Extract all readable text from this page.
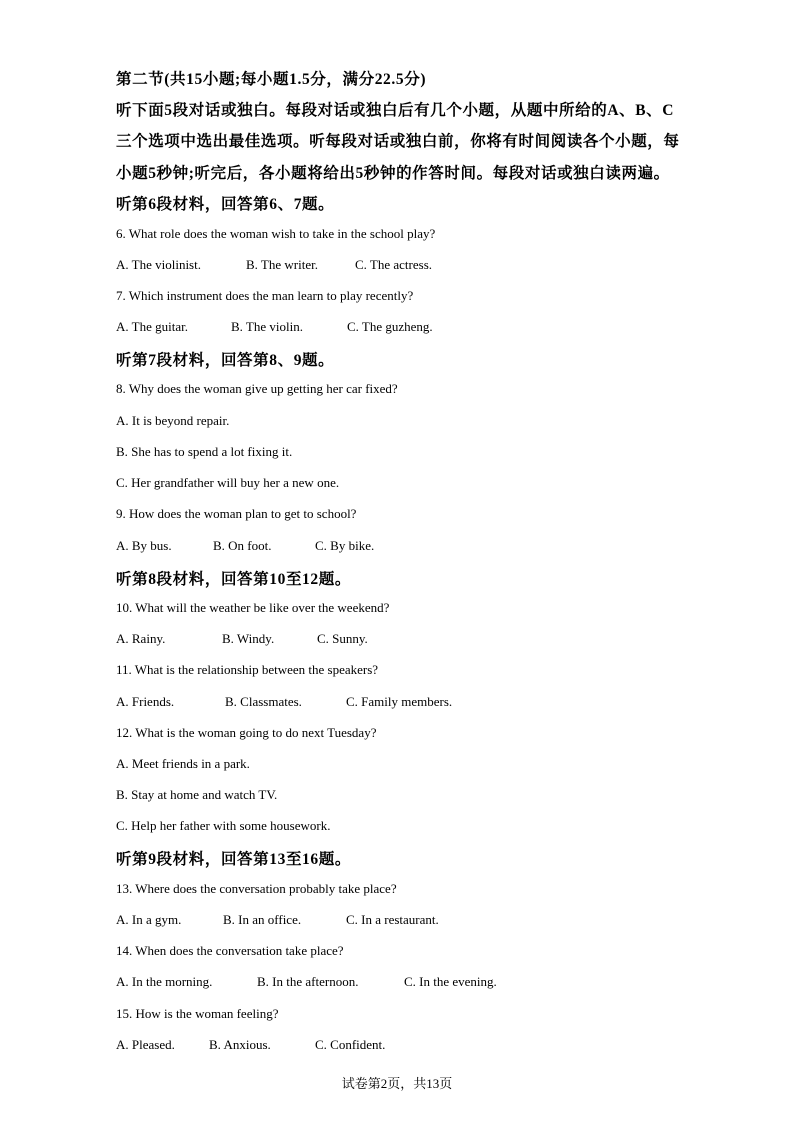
第二节(共15小题;每小题1.5分，满分22.5分)
听下面5段对话或独白。每段对话或独白后有几个小题，从题中所给的A、B、C
三个选项中选出最佳选项。听每段对话或独白前，你将有时间阅读各个小题，每
小题5秒钟;听完后，各小题将给出5秒钟的作答时间。每段对话或独白读两遍。
听第6段材料，回答第6、7题。
6. What role does the woman wish to take in the school play?
A. The violinist.	B. The writer.	C. The actress.
7. Which instrument does the man learn to play recently?
A. The guitar.	B. The violin.	C. The guzheng.
听第7段材料，回答第8、9题。
8. Why does the woman give up getting her car fixed?
A. It is beyond repair.
B. She has to spend a lot fixing it.
C. Her grandfather will buy her a new one.
9. How does the woman plan to get to school?
A. By bus.	B. On foot.	C. By bike.
听第8段材料，回答第10至12题。
10. What will the weather be like over the weekend?
A. Rainy.	B. Windy.	C. Sunny.
11. What is the relationship between the speakers?
A. Friends.	B. Classmates.	C. Family members.
12. What is the woman going to do next Tuesday?
A. Meet friends in a park.
B. Stay at home and watch TV.
C. Help her father with some housework.
听第9段材料，回答第13至16题。
13. Where does the conversation probably take place?
A. In a gym.	B. In an office.	C. In a restaurant.
14. When does the conversation take place?
A. In the morning.	B. In the afternoon.	C. In the evening.
15. How is the woman feeling?
A. Pleased.	B. Anxious.	C. Confident.
试卷第2页，共13页
